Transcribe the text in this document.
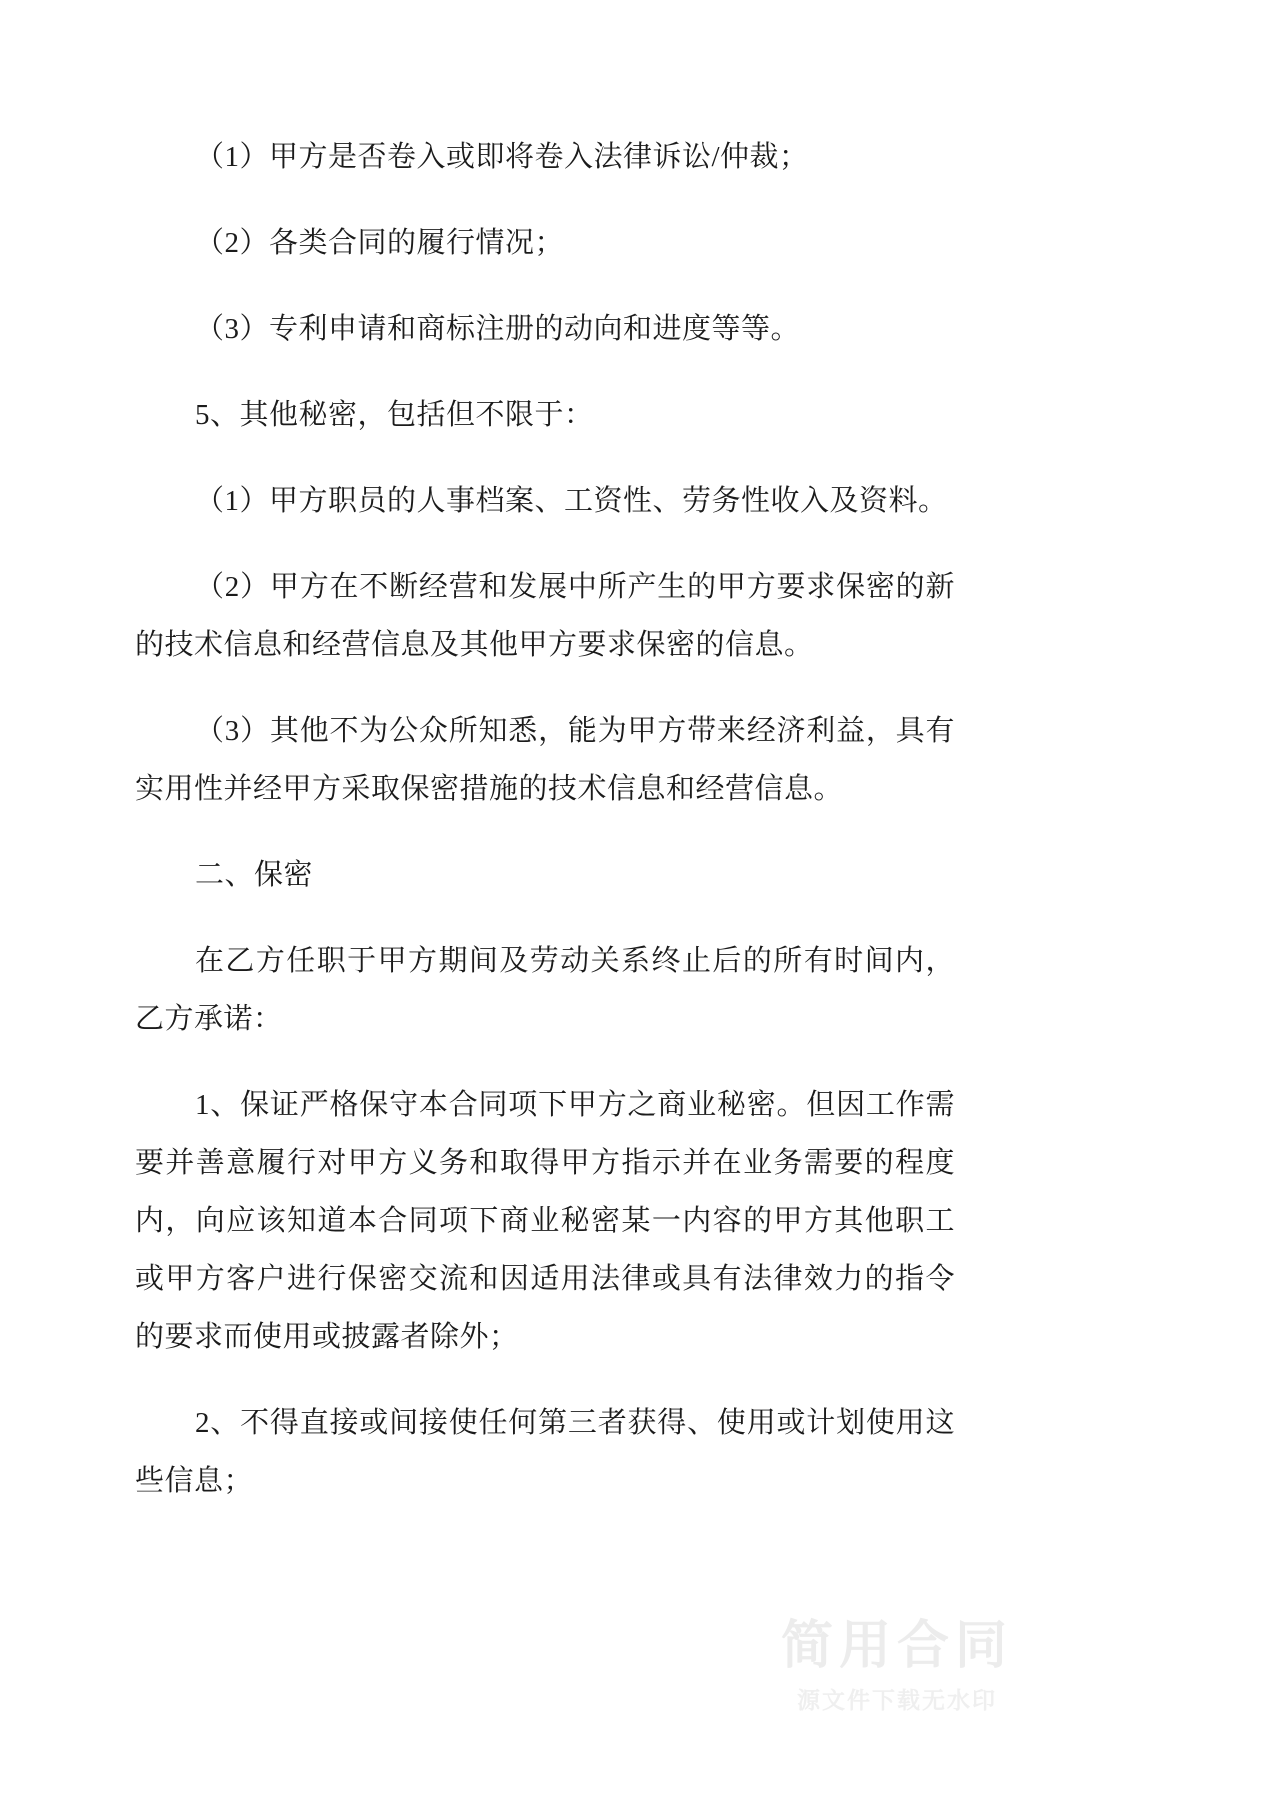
（1）甲方是否卷入或即将卷入法律诉讼/仲裁；

（2）各类合同的履行情况；

（3）专利申请和商标注册的动向和进度等等。

5、其他秘密，包括但不限于：

（1）甲方职员的人事档案、工资性、劳务性收入及资料。

（2）甲方在不断经营和发展中所产生的甲方要求保密的新的技术信息和经营信息及其他甲方要求保密的信息。

（3）其他不为公众所知悉，能为甲方带来经济利益，具有实用性并经甲方采取保密措施的技术信息和经营信息。

二、保密

在乙方任职于甲方期间及劳动关系终止后的所有时间内，乙方承诺：

1、保证严格保守本合同项下甲方之商业秘密。但因工作需要并善意履行对甲方义务和取得甲方指示并在业务需要的程度内，向应该知道本合同项下商业秘密某一内容的甲方其他职工或甲方客户进行保密交流和因适用法律或具有法律效力的指令的要求而使用或披露者除外；

2、不得直接或间接使任何第三者获得、使用或计划使用这些信息；

简用合同
源文件下载无水印
